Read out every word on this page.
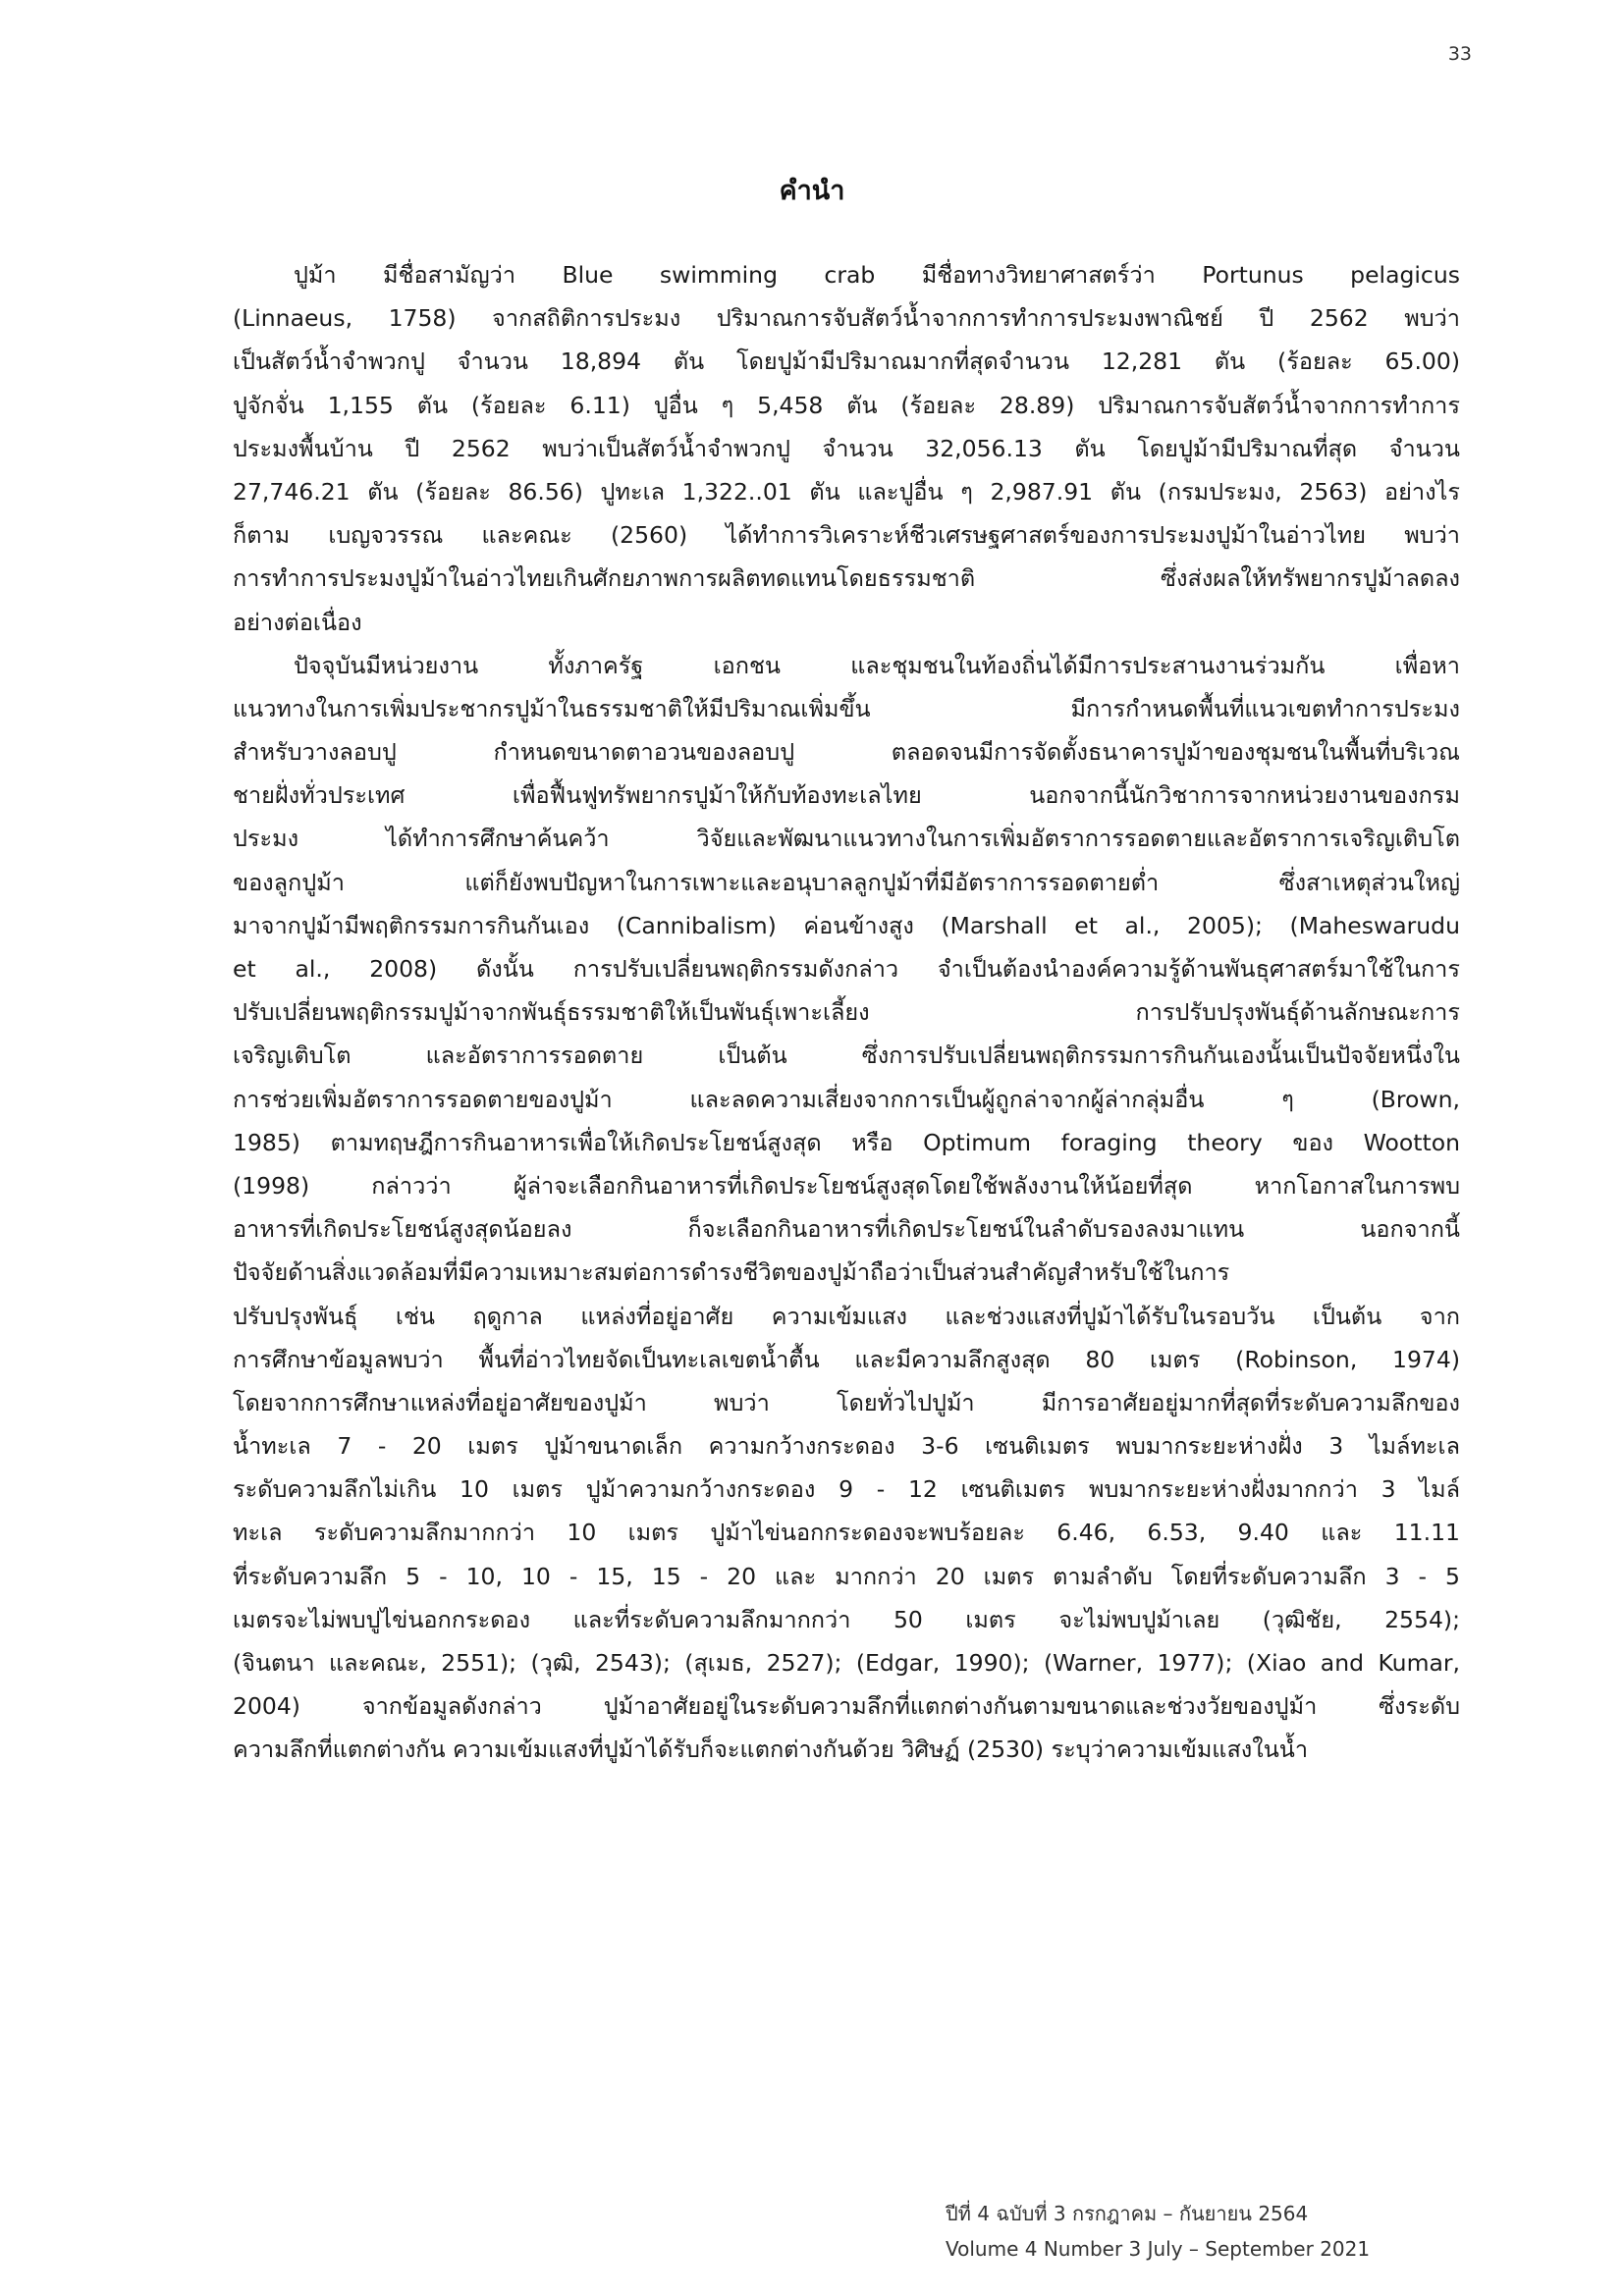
33
คำนำ
ปูม้า มีชื่อสามัญว่า Blue swimming crab มีชื่อทางวิทยาศาสตร์ว่า Portunus pelagicus
(Linnaeus, 1758) จากสถิติการประมง ปริมาณการจับสัตว์น้ำจากการทำการประมงพาณิชย์ ปี 2562 พบว่า
เป็นสัตว์น้ำจำพวกปู จำนวน 18,894 ตัน โดยปูม้ามีปริมาณมากที่สุดจำนวน 12,281 ตัน (ร้อยละ 65.00)
ปูจักจั่น 1,155 ตัน (ร้อยละ 6.11) ปูอื่น ๆ 5,458 ตัน (ร้อยละ 28.89) ปริมาณการจับสัตว์น้ำจากการทำการ
ประมงพื้นบ้าน ปี 2562 พบว่าเป็นสัตว์น้ำจำพวกปู จำนวน 32,056.13 ตัน โดยปูม้ามีปริมาณที่สุด จำนวน
27,746.21 ตัน (ร้อยละ 86.56) ปูทะเล 1,322..01 ตัน และปูอื่น ๆ 2,987.91 ตัน (กรมประมง, 2563) อย่างไร
ก็ตาม เบญจวรรณ และคณะ (2560) ได้ทำการวิเคราะห์ชีวเศรษฐศาสตร์ของการประมงปูม้าในอ่าวไทย พบว่า
การทำการประมงปูม้าในอ่าวไทยเกินศักยภาพการผลิตทดแทนโดยธรรมชาติ ซึ่งส่งผลให้ทรัพยากรปูม้าลดลง
อย่างต่อเนื่อง
ปัจจุบันมีหน่วยงาน ทั้งภาครัฐ เอกชน และชุมชนในท้องถิ่นได้มีการประสานงานร่วมกัน เพื่อหา
แนวทางในการเพิ่มประชากรปูม้าในธรรมชาติให้มีปริมาณเพิ่มขึ้น มีการกำหนดพื้นที่แนวเขตทำการประมง
สำหรับวางลอบปู กำหนดขนาดตาอวนของลอบปู ตลอดจนมีการจัดตั้งธนาคารปูม้าของชุมชนในพื้นที่บริเวณ
ชายฝั่งทั่วประเทศ เพื่อฟื้นฟูทรัพยากรปูม้าให้กับท้องทะเลไทย นอกจากนี้นักวิชาการจากหน่วยงานของกรม
ประมง ได้ทำการศึกษาค้นคว้า วิจัยและพัฒนาแนวทางในการเพิ่มอัตราการรอดตายและอัตราการเจริญเติบโต
ของลูกปูม้า แต่ก็ยังพบปัญหาในการเพาะและอนุบาลลูกปูม้าที่มีอัตราการรอดตายต่ำ ซึ่งสาเหตุส่วนใหญ่
มาจากปูม้ามีพฤติกรรมการกินกันเอง (Cannibalism) ค่อนข้างสูง (Marshall et al., 2005); (Maheswarudu
et al., 2008) ดังนั้น การปรับเปลี่ยนพฤติกรรมดังกล่าว จำเป็นต้องนำองค์ความรู้ด้านพันธุศาสตร์มาใช้ในการ
ปรับเปลี่ยนพฤติกรรมปูม้าจากพันธุ์ธรรมชาติให้เป็นพันธุ์เพาะเลี้ยง การปรับปรุงพันธุ์ด้านลักษณะการ
เจริญเติบโต และอัตราการรอดตาย เป็นต้น ซึ่งการปรับเปลี่ยนพฤติกรรมการกินกันเองนั้นเป็นปัจจัยหนึ่งใน
การช่วยเพิ่มอัตราการรอดตายของปูม้า และลดความเสี่ยงจากการเป็นผู้ถูกล่าจากผู้ล่ากลุ่มอื่น ๆ (Brown,
1985) ตามทฤษฎีการกินอาหารเพื่อให้เกิดประโยชน์สูงสุด หรือ Optimum foraging theory ของ Wootton
(1998) กล่าวว่า ผู้ล่าจะเลือกกินอาหารที่เกิดประโยชน์สูงสุดโดยใช้พลังงานให้น้อยที่สุด หากโอกาสในการพบ
อาหารที่เกิดประโยชน์สูงสุดน้อยลง ก็จะเลือกกินอาหารที่เกิดประโยชน์ในลำดับรองลงมาแทน นอกจากนี้
ปัจจัยด้านสิ่งแวดล้อมที่มีความเหมาะสมต่อการดำรงชีวิตของปูม้าถือว่าเป็นส่วนสำคัญสำหรับใช้ในการ
ปรับปรุงพันธุ์ เช่น ฤดูกาล แหล่งที่อยู่อาศัย ความเข้มแสง และช่วงแสงที่ปูม้าได้รับในรอบวัน เป็นต้น จาก
การศึกษาข้อมูลพบว่า พื้นที่อ่าวไทยจัดเป็นทะเลเขตน้ำตื้น และมีความลึกสูงสุด 80 เมตร (Robinson, 1974)
โดยจากการศึกษาแหล่งที่อยู่อาศัยของปูม้า พบว่า โดยทั่วไปปูม้า มีการอาศัยอยู่มากที่สุดที่ระดับความลึกของ
น้ำทะเล 7 - 20 เมตร ปูม้าขนาดเล็ก ความกว้างกระดอง 3-6 เซนติเมตร พบมากระยะห่างฝั่ง 3 ไมล์ทะเล
ระดับความลึกไม่เกิน 10 เมตร ปูม้าความกว้างกระดอง 9 - 12 เซนติเมตร พบมากระยะห่างฝั่งมากกว่า 3 ไมล์
ทะเล ระดับความลึกมากกว่า 10 เมตร ปูม้าไข่นอกกระดองจะพบร้อยละ 6.46, 6.53, 9.40 และ 11.11
ที่ระดับความลึก 5 - 10, 10 - 15, 15 - 20 และ มากกว่า 20 เมตร ตามลำดับ โดยที่ระดับความลึก 3 - 5
เมตรจะไม่พบปูไข่นอกกระดอง และที่ระดับความลึกมากกว่า 50 เมตร จะไม่พบปูม้าเลย (วุฒิชัย, 2554);
(จินตนา และคณะ, 2551); (วุฒิ, 2543); (สุเมธ, 2527); (Edgar, 1990); (Warner, 1977); (Xiao and Kumar,
2004) จากข้อมูลดังกล่าว ปูม้าอาศัยอยู่ในระดับความลึกที่แตกต่างกันตามขนาดและช่วงวัยของปูม้า ซึ่งระดับ
ความลึกที่แตกต่างกัน ความเข้มแสงที่ปูม้าได้รับก็จะแตกต่างกันด้วย วิศิษฏ์ (2530) ระบุว่าความเข้มแสงในน้ำ
ปีที่ 4 ฉบับที่ 3 กรกฎาคม – กันยายน 2564
Volume 4 Number 3 July – September 2021
